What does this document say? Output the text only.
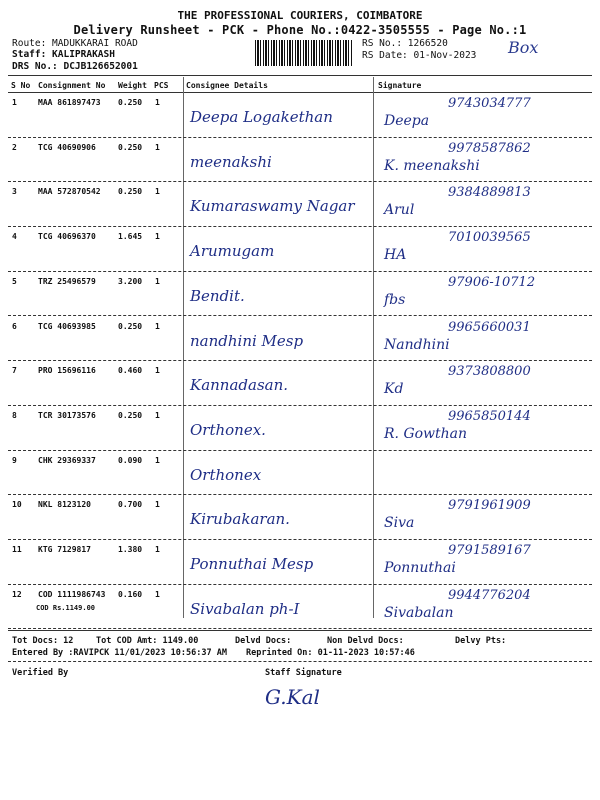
THE PROFESSIONAL COURIERS, COIMBATORE
Delivery Runsheet - PCK - Phone No.:0422-3505555 - Page No.:1
Route: MADUKKARAI ROAD
Staff: KALIPRAKASH
DRS No.: DCJB126652001
RS No.: 1266520
RS Date: 01-Nov-2023 Box
S No Consignment No Weight PCS Consignee Details	Signature
1	MAA 861897473 0.250 1
Deepa Logakethan
9743034777
Deepa
2	TCG 40690906	0.250 1
meenakshi
9978587862
K. meenakshi
3	MAA 572870542 0.250 1
Kumaraswamy Nagar
9384889813
Arul
4	TCG 40696370	1.645 1
Arumugam
7010039565
HA
5	TRZ 25496579	3.200 1
Bendit.
97906-10712
fbs
6	TCG 40693985	0.250 1
nandhini Mesp
9965660031
Nandhini
7	PRO 15696116	0.460 1
Kannadasan.
9373808800
Kd
8	TCR 30173576	0.250 1
Orthonex.
9965850144
R. Gowthan
9	CHK 29369337	0.090 1
Orthonex
10 NKL 8123120	0.700 1
Kirubakaran.
9791961909
Siva
11 KTG 7129817	1.380 1
Ponnuthai Mesp
9791589167
Ponnuthai
12 COD 1111986743 0.160 1
COD Rs.1149.00	Sivabalan ph-I
9944776204
Sivabalan
Tot Docs: 12	Tot COD Amt: 1149.00	Delvd Docs:	Non Delvd Docs:	Delvy Pts:
Entered By :RAVIPCK 11/01/2023 10:56:37 AM Reprinted On: 01-11-2023 10:57:46
Verified By	Staff Signature
G.Kal
